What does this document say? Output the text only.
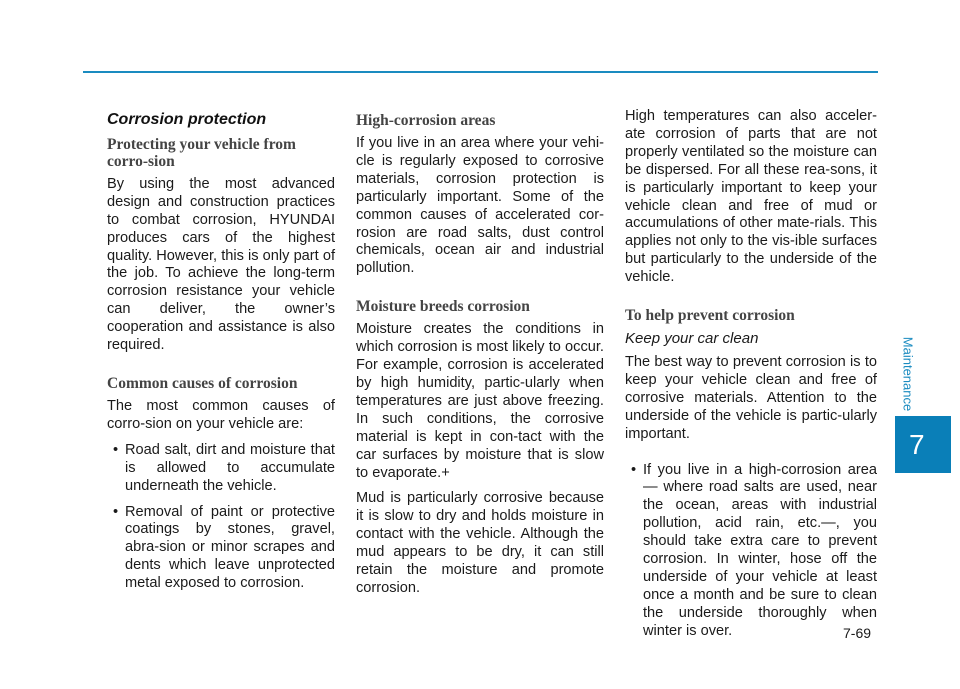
Corrosion protection
Protecting your vehicle from corro-sion

By using the most advanced design and construction practices to combat corrosion, HYUNDAI produces cars of the highest quality. However, this is only part of the job. To achieve the long-term corrosion resistance your vehicle can deliver, the owner’s cooperation and assistance is also required.

Common causes of corrosion

The most common causes of corro-sion on your vehicle are:

• Road salt, dirt and moisture that is allowed to accumulate underneath the vehicle.
• Removal of paint or protective coatings by stones, gravel, abra-sion or minor scrapes and dents which leave unprotected metal exposed to corrosion.
High-corrosion areas

If you live in an area where your vehi-cle is regularly exposed to corrosive materials, corrosion protection is particularly important. Some of the common causes of accelerated cor-rosion are road salts, dust control chemicals, ocean air and industrial pollution.

Moisture breeds corrosion

Moisture creates the conditions in which corrosion is most likely to occur. For example, corrosion is accelerated by high humidity, partic-ularly when temperatures are just above freezing. In such conditions, the corrosive material is kept in con-tact with the car surfaces by moisture that is slow to evaporate.+

Mud is particularly corrosive because it is slow to dry and holds moisture in contact with the vehicle. Although the mud appears to be dry, it can still retain the moisture and promote corrosion.

High temperatures can also acceler-ate corrosion of parts that are not properly ventilated so the moisture can be dispersed. For all these rea-sons, it is particularly important to keep your vehicle clean and free of mud or accumulations of other mate-rials. This applies not only to the vis-ible surfaces but particularly to the underside of the vehicle.

To help prevent corrosion
Keep your car clean

The best way to prevent corrosion is to keep your vehicle clean and free of corrosive materials. Attention to the underside of the vehicle is partic-ularly important.

• If you live in a high-corrosion area — where road salts are used, near the ocean, areas with industrial pollution, acid rain, etc.—, you should take extra care to prevent corrosion. In winter, hose off the underside of your vehicle at least once a month and be sure to clean the underside thoroughly when winter is over.
Maintenance
7
7-69
